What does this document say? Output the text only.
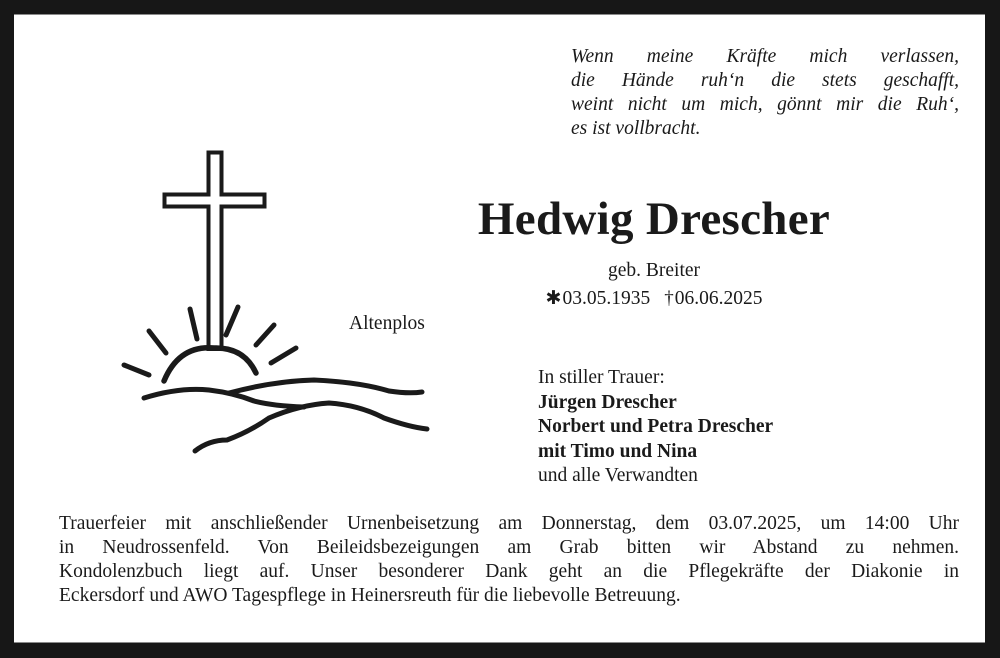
Wenn meine Kräfte mich verlassen,
die Hände ruh‘n die stets geschafft,
weint nicht um mich, gönnt mir die Ruh‘,
es ist vollbracht.
Hedwig Drescher
geb. Breiter
✱03.05.1935 †06.06.2025
Altenplos
In stiller Trauer:
Jürgen Drescher
Norbert und Petra Drescher
mit Timo und Nina
und alle Verwandten
Trauerfeier mit anschließender Urnenbeisetzung am Donnerstag, dem 03.07.2025, um 14:00 Uhr
in Neudrossenfeld. Von Beileidsbezeigungen am Grab bitten wir Abstand zu nehmen.
Kondolenzbuch liegt auf. Unser besonderer Dank geht an die Pflegekräfte der Diakonie in
Eckersdorf und AWO Tagespflege in Heinersreuth für die liebevolle Betreuung.
